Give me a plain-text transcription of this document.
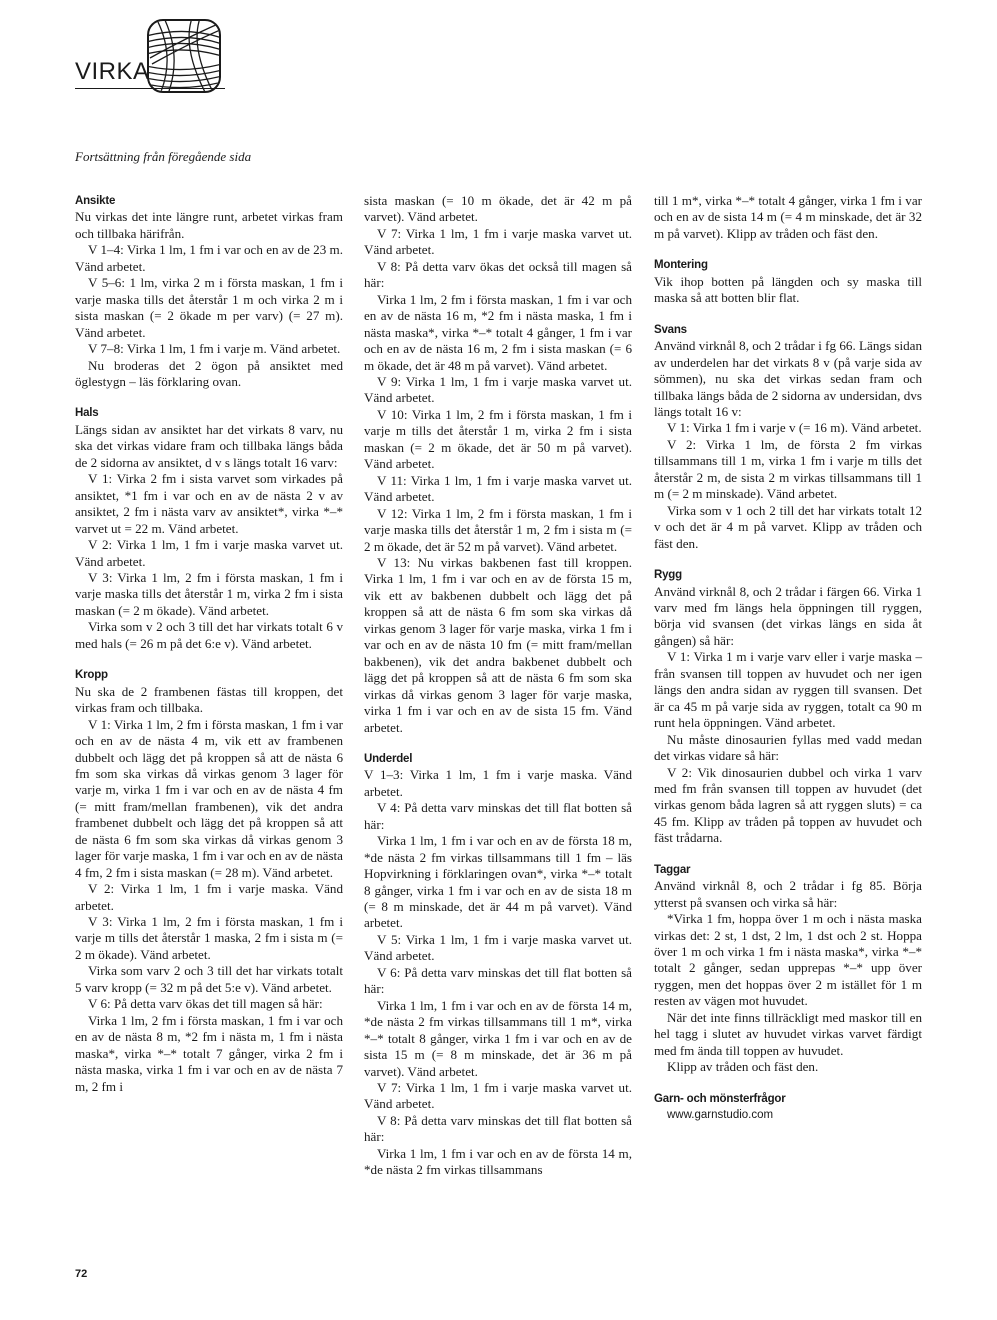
VIRKA
Fortsättning från föregående sida
Ansikte

Nu virkas det inte längre runt, arbetet virkas fram och tillbaka härifrån.

V 1–4: Virka 1 lm, 1 fm i var och en av de 23 m. Vänd arbetet.

V 5–6: 1 lm, virka 2 m i första maskan, 1 fm i varje maska tills det återstår 1 m och virka 2 m i sista maskan (= 2 ökade m per varv) (= 27 m). Vänd arbetet.

V 7–8: Virka 1 lm, 1 fm i varje m. Vänd arbetet.

Nu broderas det 2 ögon på ansiktet med öglestygn – läs förklaring ovan.

Hals

Längs sidan av ansiktet har det virkats 8 varv, nu ska det virkas vidare fram och tillbaka längs båda de 2 sidorna av ansiktet, d v s längs totalt 16 varv:

V 1: Virka 2 fm i sista varvet som virkades på ansiktet, *1 fm i var och en av de nästa 2 v av ansiktet, 2 fm i nästa varv av ansiktet*, virka *–* varvet ut = 22 m. Vänd arbetet.

V 2: Virka 1 lm, 1 fm i varje maska varvet ut. Vänd arbetet.

V 3: Virka 1 lm, 2 fm i första maskan, 1 fm i varje maska tills det återstår 1 m, virka 2 fm i sista maskan (= 2 m ökade). Vänd arbetet.

Virka som v 2 och 3 till det har virkats totalt 6 v med hals (= 26 m på det 6:e v). Vänd arbetet.

Kropp

Nu ska de 2 frambenen fästas till kroppen, det virkas fram och tillbaka.

V 1: Virka 1 lm, 2 fm i första maskan, 1 fm i var och en av de nästa 4 m, vik ett av frambenen dubbelt och lägg det på kroppen så att de nästa 6 fm som ska virkas då virkas genom 3 lager för varje m, virka 1 fm i var och en av de nästa 4 fm (= mitt fram/mellan frambenen), vik det andra frambenet dubbelt och lägg det på kroppen så att de nästa 6 fm som ska virkas då virkas genom 3 lager för varje maska, 1 fm i var och en av de nästa 4 fm, 2 fm i sista maskan (= 28 m). Vänd arbetet.

V 2: Virka 1 lm, 1 fm i varje maska. Vänd arbetet.

V 3: Virka 1 lm, 2 fm i första maskan, 1 fm i varje m tills det återstår 1 maska, 2 fm i sista m (= 2 m ökade). Vänd arbetet.

Virka som varv 2 och 3 till det har virkats totalt 5 varv kropp (= 32 m på det 5:e v). Vänd arbetet.

V 6: På detta varv ökas det till magen så här:

Virka 1 lm, 2 fm i första maskan, 1 fm i var och en av de nästa 8 m, *2 fm i nästa m, 1 fm i nästa maska*, virka *–* totalt 7 gånger, virka 2 fm i nästa maska, virka 1 fm i var och en av de nästa 7 m, 2 fm i

sista maskan (= 10 m ökade, det är 42 m på varvet). Vänd arbetet.

V 7: Virka 1 lm, 1 fm i varje maska varvet ut. Vänd arbetet.

V 8: På detta varv ökas det också till magen så här:

Virka 1 lm, 2 fm i första maskan, 1 fm i var och en av de nästa 16 m, *2 fm i nästa maska, 1 fm i nästa maska*, virka *–* totalt 4 gånger, 1 fm i var och en av de nästa 16 m, 2 fm i sista maskan (= 6 m ökade, det är 48 m på varvet). Vänd arbetet.

V 9: Virka 1 lm, 1 fm i varje maska varvet ut. Vänd arbetet.

V 10: Virka 1 lm, 2 fm i första maskan, 1 fm i varje m tills det återstår 1 m, virka 2 fm i sista maskan (= 2 m ökade, det är 50 m på varvet). Vänd arbetet.

V 11: Virka 1 lm, 1 fm i varje maska varvet ut. Vänd arbetet.

V 12: Virka 1 lm, 2 fm i första maskan, 1 fm i varje maska tills det återstår 1 m, 2 fm i sista m (= 2 m ökade, det är 52 m på varvet). Vänd arbetet.

V 13: Nu virkas bakbenen fast till kroppen. Virka 1 lm, 1 fm i var och en av de första 15 m, vik ett av bakbenen dubbelt och lägg det på kroppen så att de nästa 6 fm som ska virkas då virkas genom 3 lager för varje maska, virka 1 fm i var och en av de nästa 10 fm (= mitt fram/mellan bakbenen), vik det andra bakbenet dubbelt och lägg det på kroppen så att de nästa 6 fm som ska virkas då virkas genom 3 lager för varje maska, virka 1 fm i var och en av de sista 15 fm. Vänd arbetet.

Underdel

V 1–3: Virka 1 lm, 1 fm i varje maska. Vänd arbetet.

V 4: På detta varv minskas det till flat botten så här:

Virka 1 lm, 1 fm i var och en av de första 18 m, *de nästa 2 fm virkas tillsammans till 1 fm – läs Hopvirkning i förklaringen ovan*, virka *–* totalt 8 gånger, virka 1 fm i var och en av de sista 18 m (= 8 m minskade, det är 44 m på varvet). Vänd arbetet.

V 5: Virka 1 lm, 1 fm i varje maska varvet ut. Vänd arbetet.

V 6: På detta varv minskas det till flat botten så här:

Virka 1 lm, 1 fm i var och en av de första 14 m, *de nästa 2 fm virkas tillsammans till 1 m*, virka *–* totalt 8 gånger, virka 1 fm i var och en av de sista 15 m (= 8 m minskade, det är 36 m på varvet). Vänd arbetet.

V 7: Virka 1 lm, 1 fm i varje maska varvet ut. Vänd arbetet.

V 8: På detta varv minskas det till flat botten så här:

Virka 1 lm, 1 fm i var och en av de första 14 m, *de nästa 2 fm virkas tillsammans

till 1 m*, virka *–* totalt 4 gånger, virka 1 fm i var och en av de sista 14 m (= 4 m minskade, det är 32 m på varvet). Klipp av tråden och fäst den.

Montering

Vik ihop botten på längden och sy maska till maska så att botten blir flat.

Svans

Använd virknål 8, och 2 trådar i fg 66. Längs sidan av underdelen har det virkats 8 v (på varje sida av sömmen), nu ska det virkas sedan fram och tillbaka längs båda de 2 sidorna av undersidan, dvs längs totalt 16 v:

V 1: Virka 1 fm i varje v (= 16 m). Vänd arbetet.

V 2: Virka 1 lm, de första 2 fm virkas tillsammans till 1 m, virka 1 fm i varje m tills det återstår 2 m, de sista 2 m virkas tillsammans till 1 m (= 2 m minskade). Vänd arbetet.

Virka som v 1 och 2 till det har virkats totalt 12 v och det är 4 m på varvet. Klipp av tråden och fäst den.

Rygg

Använd virknål 8, och 2 trådar i färgen 66. Virka 1 varv med fm längs hela öppningen till ryggen, börja vid svansen (det virkas längs en sida åt gången) så här:

V 1: Virka 1 m i varje varv eller i varje maska – från svansen till toppen av huvudet och ner igen längs den andra sidan av ryggen till svansen. Det är ca 45 m på varje sida av ryggen, totalt ca 90 m runt hela öppningen. Vänd arbetet.

Nu måste dinosaurien fyllas med vadd medan det virkas vidare så här:

V 2: Vik dinosaurien dubbel och virka 1 varv med fm från svansen till toppen av huvudet (det virkas genom båda lagren så att ryggen sluts) = ca 45 fm. Klipp av tråden på toppen av huvudet och fäst trådarna.

Taggar

Använd virknål 8, och 2 trådar i fg 85. Börja ytterst på svansen och virka så här:

*Virka 1 fm, hoppa över 1 m och i nästa maska virkas det: 2 st, 1 dst, 2 lm, 1 dst och 2 st. Hoppa över 1 m och virka 1 fm i nästa maska*, virka *–* totalt 2 gånger, sedan upprepas *–* upp över ryggen, men det hoppas över 2 m istället för 1 m resten av vägen mot huvudet.

När det inte finns tillräckligt med maskor till en hel tagg i slutet av huvudet virkas varvet färdigt med fm ända till toppen av huvudet.

Klipp av tråden och fäst den.

Garn- och mönsterfrågor

www.garnstudio.com

72
